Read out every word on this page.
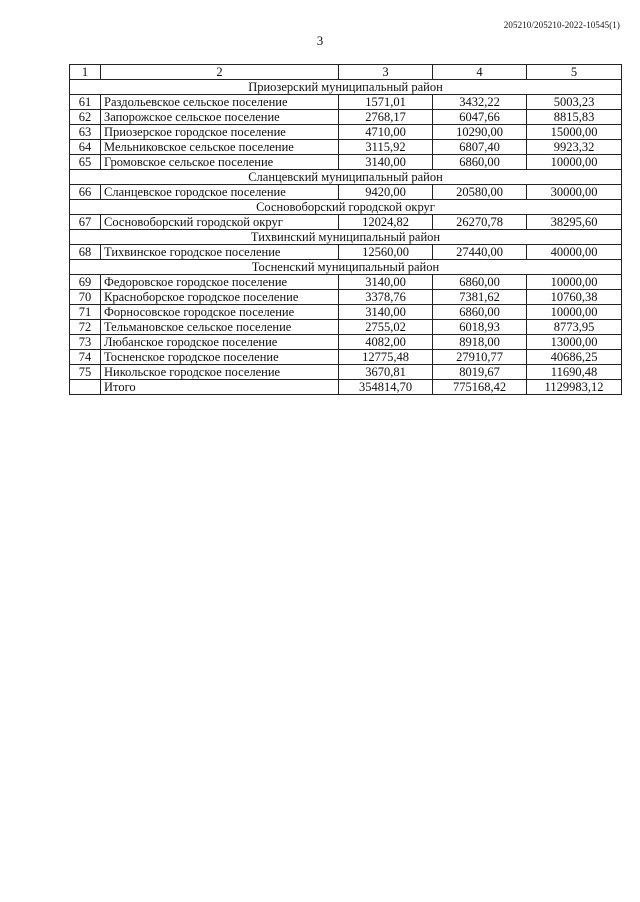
205210/205210-2022-10545(1)
3
1	2	3	4	5
Приозерский муниципальный район				
61	Раздольевское сельское поселение	1571,01	3432,22	5003,23
62	Запорожское сельское поселение	2768,17	6047,66	8815,83
63	Приозерское городское поселение	4710,00	10290,00	15000,00
64	Мельниковское сельское поселение	3115,92	6807,40	9923,32
65	Громовское сельское поселение	3140,00	6860,00	10000,00
Сланцевский муниципальный район				
66	Сланцевское городское поселение	9420,00	20580,00	30000,00
Сосновоборский городской округ				
67	Сосновоборский городской округ	12024,82	26270,78	38295,60
Тихвинский муниципальный район				
68	Тихвинское городское поселение	12560,00	27440,00	40000,00
Тосненский муниципальный район				
69	Федоровское городское поселение	3140,00	6860,00	10000,00
70	Красноборское городское поселение	3378,76	7381,62	10760,38
71	Форносовское городское поселение	3140,00	6860,00	10000,00
72	Тельмановское сельское поселение	2755,02	6018,93	8773,95
73	Любанское городское поселение	4082,00	8918,00	13000,00
74	Тосненское городское поселение	12775,48	27910,77	40686,25
75	Никольское городское поселение	3670,81	8019,67	11690,48
	Итого	354814,70	775168,42	1129983,12
